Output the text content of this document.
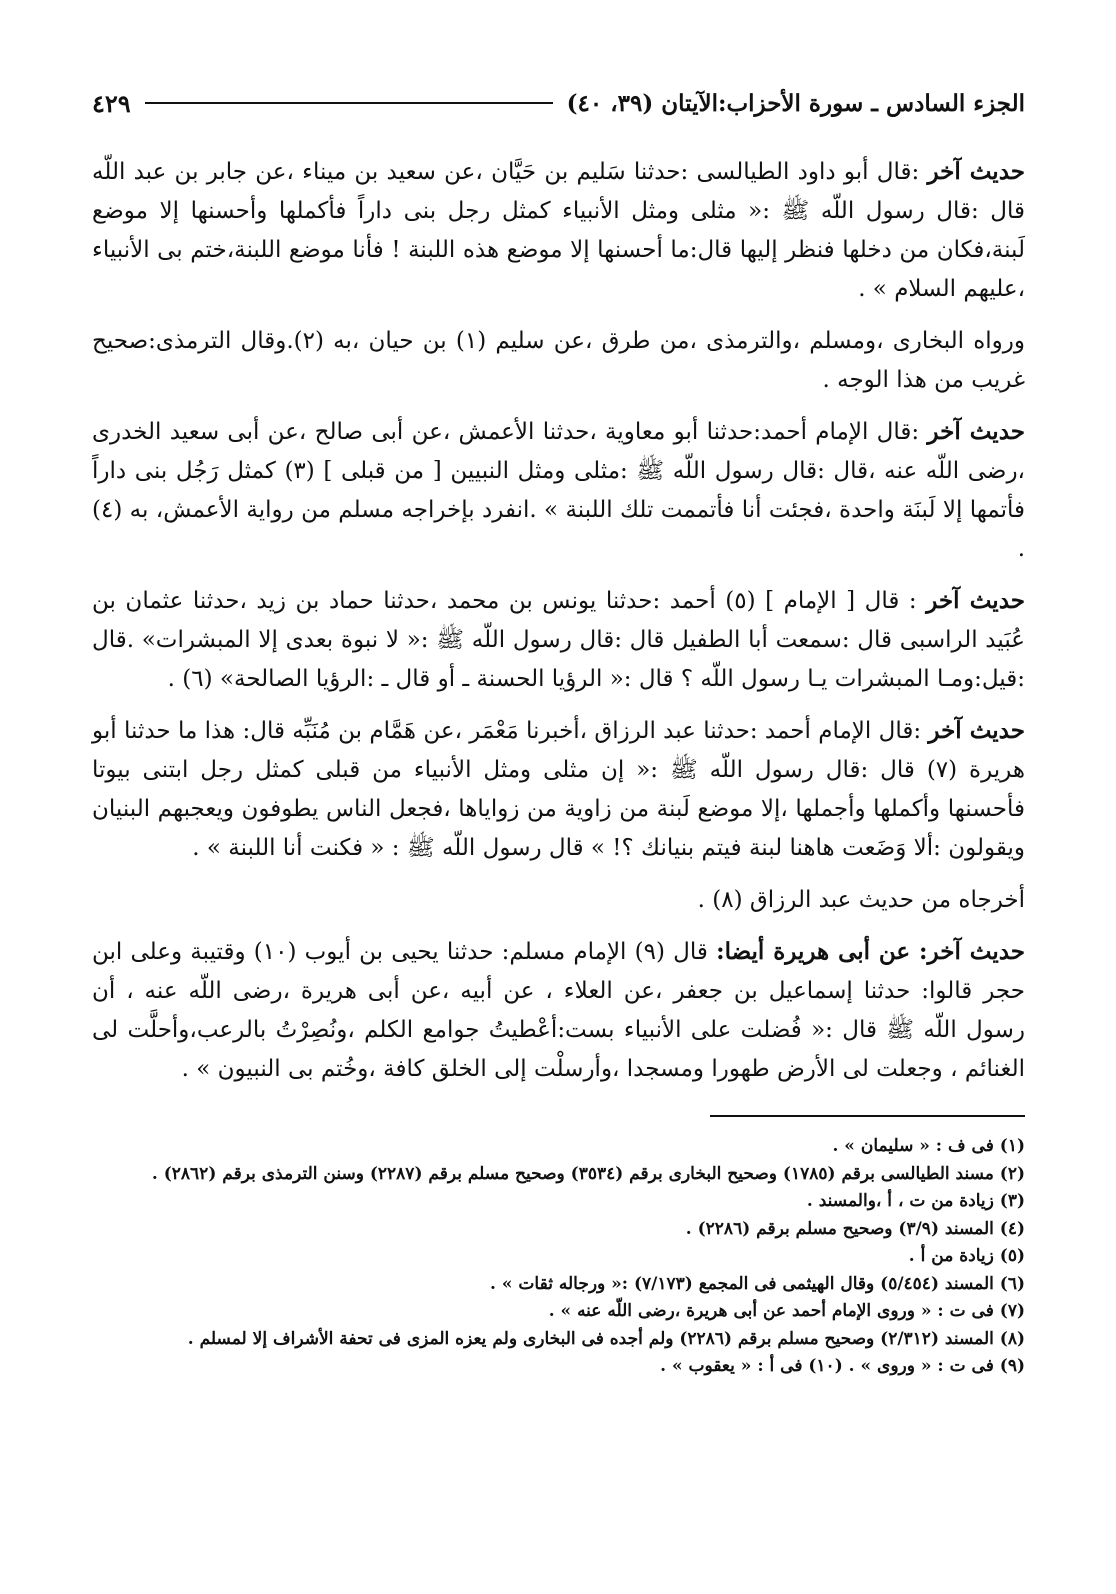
الجزء السادس ـ سورة الأحزاب:الآيتان (٣٩، ٤٠)
٤٢٩

حديث آخر :قال أبو داود الطيالسى :حدثنا سَليم بن حَيَّان ،عن سعيد بن ميناء ،عن جابر بن عبد اللّه قال :قال رسول اللّه ﷺ :« مثلى ومثل الأنبياء كمثل رجل بنى داراً فأكملها وأحسنها إلا موضع لَبنة،فكان من دخلها فنظر إليها قال:ما أحسنها إلا موضع هذه اللبنة ! فأنا موضع اللبنة،ختم بى الأنبياء ،عليهم السلام » .

ورواه البخارى ،ومسلم ،والترمذى ،من طرق ،عن سليم (١) بن حيان ،به (٢).وقال الترمذى:صحيح غريب من هذا الوجه .

حديث آخر :قال الإمام أحمد:حدثنا أبو معاوية ،حدثنا الأعمش ،عن أبى صالح ،عن أبى سعيد الخدرى ،رضى اللّه عنه ،قال :قال رسول اللّه ﷺ :مثلى ومثل النبيين [ من قبلى ] (٣) كمثل رَجُل بنى داراً فأتمها إلا لَبنَة واحدة ،فجئت أنا فأتممت تلك اللبنة » .انفرد بإخراجه مسلم من رواية الأعمش، به (٤) .

حديث آخر : قال [ الإمام ] (٥) أحمد :حدثنا يونس بن محمد ،حدثنا حماد بن زيد ،حدثنا عثمان بن عُبَيد الراسبى قال :سمعت أبا الطفيل قال :قال رسول اللّه ﷺ :« لا نبوة بعدى إلا المبشرات» .قال :قيل:ومـا المبشرات يـا رسول اللّه ؟ قال :« الرؤيا الحسنة ـ أو قال ـ :الرؤيا الصالحة» (٦) .

حديث آخر :قال الإمام أحمد :حدثنا عبد الرزاق ،أخبرنا مَعْمَر ،عن هَمَّام بن مُنَبِّه قال: هذا ما حدثنا أبو هريرة (٧) قال :قال رسول اللّه ﷺ :« إن مثلى ومثل الأنبياء من قبلى كمثل رجل ابتنى بيوتا فأحسنها وأكملها وأجملها ،إلا موضع لَبنة من زاوية من زواياها ،فجعل الناس يطوفون ويعجبهم البنيان ويقولون :ألا وَضَعت هاهنا لبنة فيتم بنيانك ؟! » قال رسول اللّه ﷺ : « فكنت أنا اللبنة » .

أخرجاه من حديث عبد الرزاق (٨) .

حديث آخر: عن أبى هريرة أيضا: قال (٩) الإمام مسلم: حدثنا يحيى بن أيوب (١٠) وقتيبة وعلى ابن حجر قالوا: حدثنا إسماعيل بن جعفر ،عن العلاء ، عن أبيه ،عن أبى هريرة ،رضى اللّه عنه ، أن رسول اللّه ﷺ قال :« فُضلت على الأنبياء بست:أعْطيتُ جوامع الكلم ،ونُصِرْتُ بالرعب،وأحلَّت لى الغنائم ، وجعلت لى الأرض طهورا ومسجدا ،وأرسلْت إلى الخلق كافة ،وخُتم بى النبيون » .

(١) فى ف : « سليمان » .
(٢) مسند الطيالسى برقم (١٧٨٥) وصحيح البخارى برقم (٣٥٣٤) وصحيح مسلم برقم (٢٢٨٧) وسنن الترمذى برقم (٢٨٦٢) .
(٣) زيادة من ت ، أ ،والمسند .
(٤) المسند (٣/٩) وصحيح مسلم برقم (٢٢٨٦) .
(٥) زيادة من أ .
(٦) المسند (٥/٤٥٤) وقال الهيثمى فى المجمع (٧/١٧٣) :« ورجاله ثقات » .
(٧) فى ت : « وروى الإمام أحمد عن أبى هريرة ،رضى اللّه عنه » .
(٨) المسند (٢/٣١٢) وصحيح مسلم برقم (٢٢٨٦) ولم أجده فى البخارى ولم يعزه المزى فى تحفة الأشراف إلا لمسلم .
(٩) فى ت : « وروى » . (١٠) فى أ : « يعقوب » .
